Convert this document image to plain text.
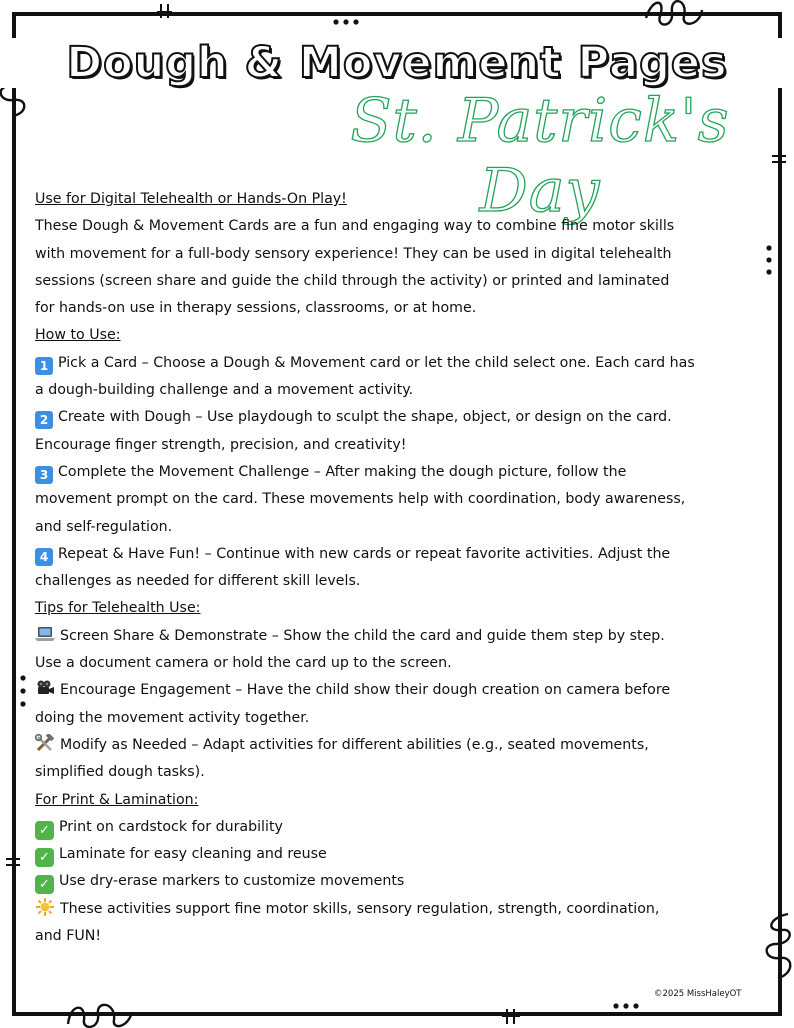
Dough & Movement Pages
St. Patrick's Day
Use for Digital Telehealth or Hands-On Play!
These Dough & Movement Cards are a fun and engaging way to combine fine motor skills
with movement for a full-body sensory experience! They can be used in digital telehealth
sessions (screen share and guide the child through the activity) or printed and laminated
for hands-on use in therapy sessions, classrooms, or at home.
How to Use:
1 Pick a Card – Choose a Dough & Movement card or let the child select one. Each card has
a dough-building challenge and a movement activity.
2 Create with Dough – Use playdough to sculpt the shape, object, or design on the card.
Encourage finger strength, precision, and creativity!
3 Complete the Movement Challenge – After making the dough picture, follow the
movement prompt on the card. These movements help with coordination, body awareness,
and self-regulation.
4 Repeat & Have Fun! – Continue with new cards or repeat favorite activities. Adjust the
challenges as needed for different skill levels.
Tips for Telehealth Use:
Screen Share & Demonstrate – Show the child the card and guide them step by step.
Use a document camera or hold the card up to the screen.
Encourage Engagement – Have the child show their dough creation on camera before
doing the movement activity together.
Modify as Needed – Adapt activities for different abilities (e.g., seated movements,
simplified dough tasks).
For Print & Lamination:
✓ Print on cardstock for durability
✓ Laminate for easy cleaning and reuse
✓ Use dry-erase markers to customize movements
These activities support fine motor skills, sensory regulation, strength, coordination,
and FUN!
©2025 MissHaleyOT
